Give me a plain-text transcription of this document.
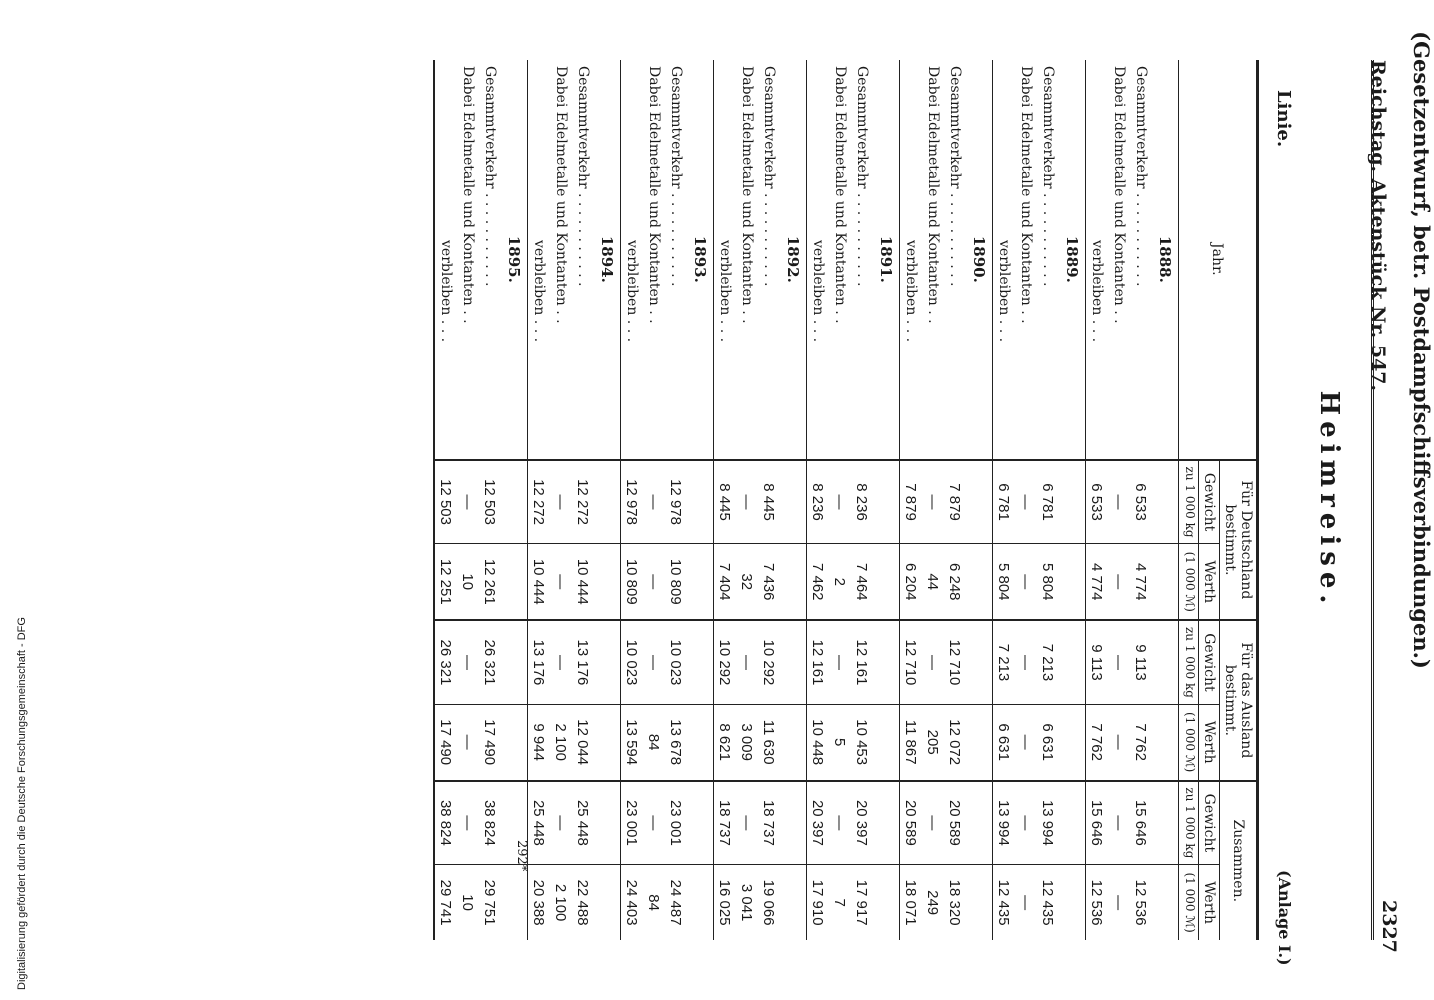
Reichstag. Aktenstück Nr. 547. (Gesetzentwurf, betr. Postdampfschiffsverbindungen.)
2327
Heimreise.
Linie.
(Anlage I.)
Jahr.	Für Deutschland bestimmt.		Für das Ausland bestimmt.		Zusammen.	
	Gewicht	Werth	Gewicht	Werth	Gewicht	Werth
	zu 1 000 kg	(1 000 ℳ)	zu 1 000 kg	(1 000 ℳ)	zu 1 000 kg	(1 000 ℳ)
1888.						
Gesammtverkehr . . . . . . . . . . .	6 533	4 774	9 113	7 762	15 646	12 536
Dabei Edelmetalle und Kontanten . .	—	—	—	—	—	—
verbleiben . . .	6 533	4 774	9 113	7 762	15 646	12 536
1889.						
Gesammtverkehr . . . . . . . . . . .	6 781	5 804	7 213	6 631	13 994	12 435
Dabei Edelmetalle und Kontanten . .	—	—	—	—	—	—
verbleiben . . .	6 781	5 804	7 213	6 631	13 994	12 435
1890.						
Gesammtverkehr . . . . . . . . . . .	7 879	6 248	12 710	12 072	20 589	18 320
Dabei Edelmetalle und Kontanten . .	—	44	—	205	—	249
verbleiben . . .	7 879	6 204	12 710	11 867	20 589	18 071
1891.						
Gesammtverkehr . . . . . . . . . . .	8 236	7 464	12 161	10 453	20 397	17 917
Dabei Edelmetalle und Kontanten . .	—	2	—	5	—	7
verbleiben . . .	8 236	7 462	12 161	10 448	20 397	17 910
1892.						
Gesammtverkehr . . . . . . . . . . .	8 445	7 436	10 292	11 630	18 737	19 066
Dabei Edelmetalle und Kontanten . .	—	32	—	3 009	—	3 041
verbleiben . . .	8 445	7 404	10 292	8 621	18 737	16 025
1893.						
Gesammtverkehr . . . . . . . . . . .	12 978	10 809	10 023	13 678	23 001	24 487
Dabei Edelmetalle und Kontanten . .	—	—	—	84	—	84
verbleiben . . .	12 978	10 809	10 023	13 594	23 001	24 403
1894.						
Gesammtverkehr . . . . . . . . . . .	12 272	10 444	13 176	12 044	25 448	22 488
Dabei Edelmetalle und Kontanten . .	—	—	—	2 100	—	2 100
verbleiben . . .	12 272	10 444	13 176	9 944	25 448	20 388
1895.						
Gesammtverkehr . . . . . . . . . . .	12 503	12 261	26 321	17 490	38 824	29 751
Dabei Edelmetalle und Kontanten . .	—	10	—	—	—	10
verbleiben . . .	12 503	12 251	26 321	17 490	38 824	29 741
292*
Digitalisierung gefördert durch die Deutsche Forschungsgemeinschaft - DFG
